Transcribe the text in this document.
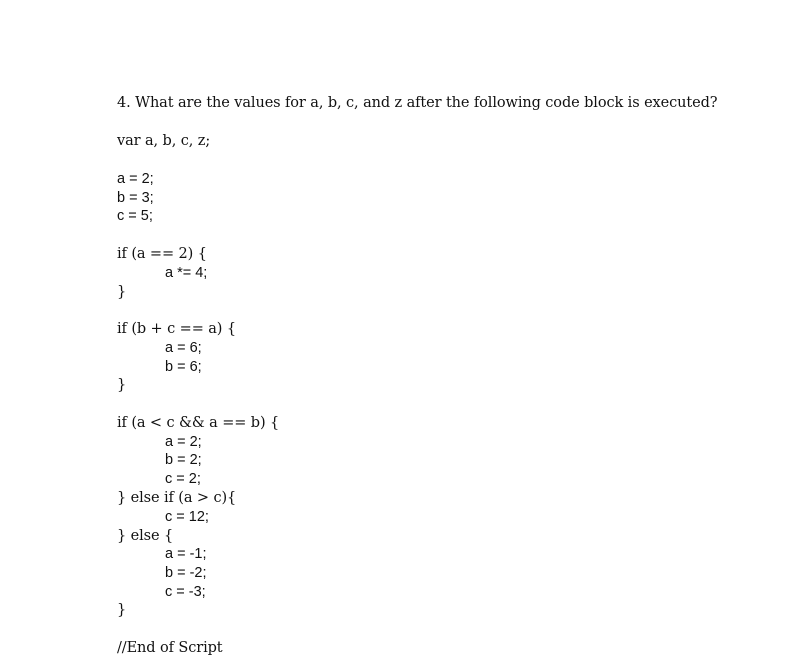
4. What are the values for a, b, c, and z after the following code block is executed?
var a, b, c, z;
a = 2;
b = 3;
c = 5;
if (a == 2) {
a *= 4;
}
if (b + c == a) {
a = 6;
b = 6;
}
if (a < c && a == b) {
a = 2;
b = 2;
c = 2;
} else if (a > c){
c = 12;
} else {
a = -1;
b = -2;
c = -3;
}
//End of Script
